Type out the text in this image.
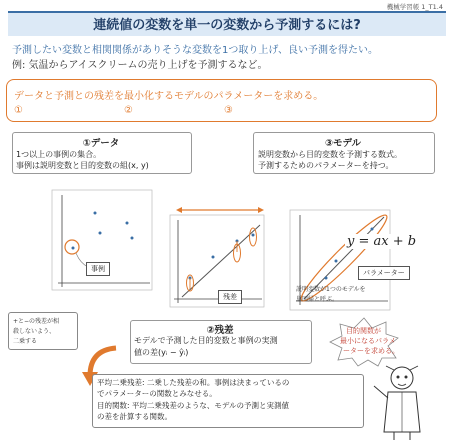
機械学習帳 1_T1.4
連続値の変数を単一の変数から予測するには?
予測したい変数と相関関係がありそうな変数を1つ取り上げ、良い予測を得たい。
例: 気温からアイスクリームの売り上げを予測するなど。
データと予測との残差を最小化するモデルのパラメーターを求める。
①	②	③
①データ
1つ以上の事例の集合。
事例は説明変数と目的変数の組(x, y)
③モデル
説明変数から目的変数を予測する数式。
予測するためのパラメーターを持つ。
事例
残差
y = ax + b
パラメーター
説明変数が1つのモデルを
単回帰と呼ぶ。
+と−の残差が相
殺しないよう、
二乗する
②残差
モデルで予測した目的変数と事例の実測
値の差(yᵢ − ŷᵢ)
目的関数が
最小になるパラメ
ーターを求める。
平均二乗残差: 二乗した残差の和。事例は決まっているの
でパラメーターの関数とみなせる。
目的関数: 平均二乗残差のような、モデルの予測と実測値
の差を計算する関数。
